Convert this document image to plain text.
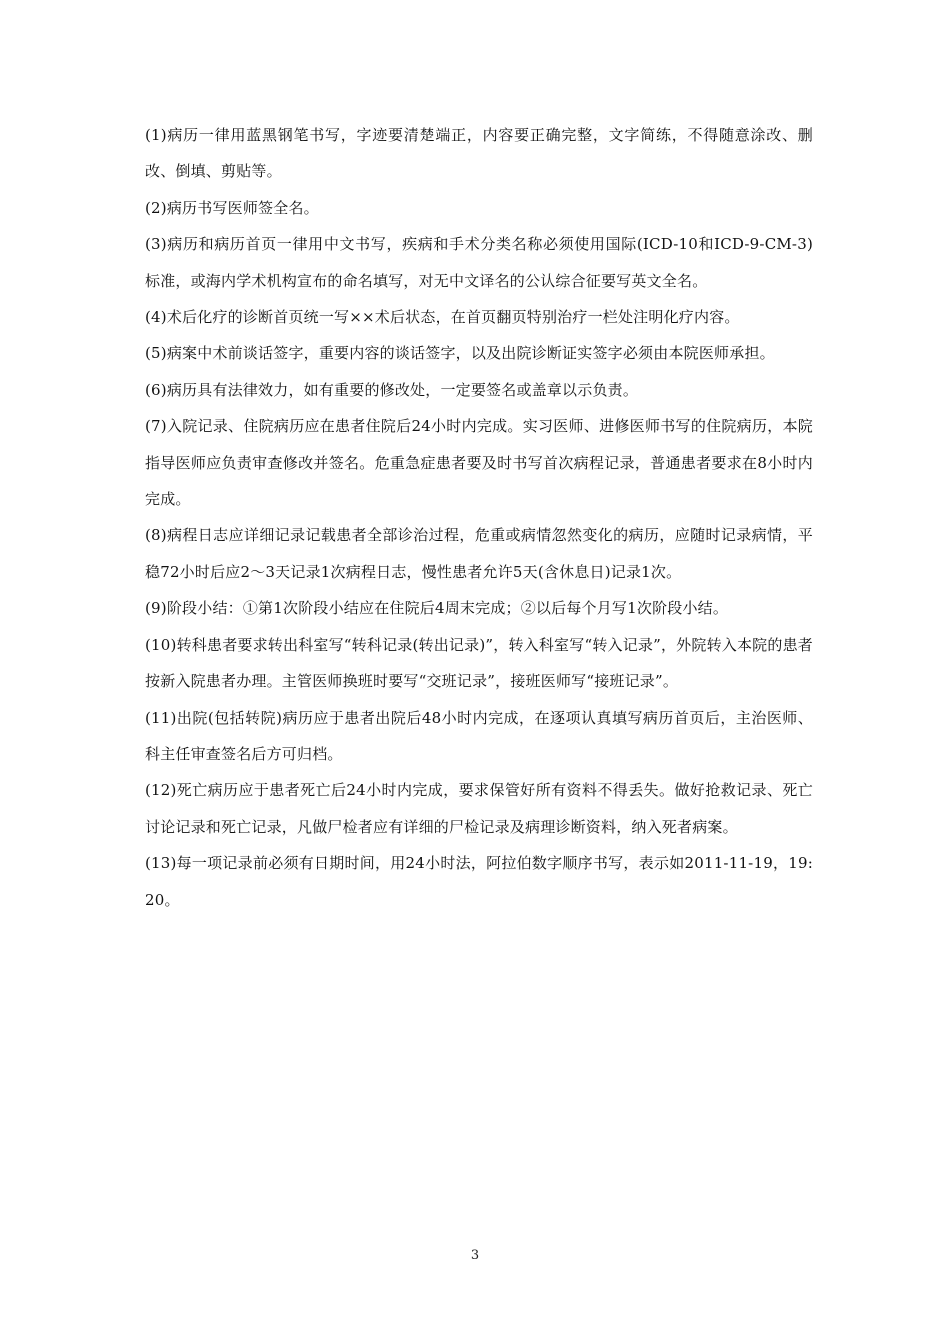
(1)病历一律用蓝黑钢笔书写，字迹要清楚端正，内容要正确完整，文字简练，不得随意涂改、删改、倒填、剪贴等。

(2)病历书写医师签全名。

(3)病历和病历首页一律用中文书写，疾病和手术分类名称必须使用国际(ICD-10和ICD-9-CM-3)标准，或海内学术机构宣布的命名填写，对无中文译名的公认综合征要写英文全名。

(4)术后化疗的诊断首页统一写××术后状态，在首页翻页特别治疗一栏处注明化疗内容。

(5)病案中术前谈话签字，重要内容的谈话签字，以及出院诊断证实签字必须由本院医师承担。

(6)病历具有法律效力，如有重要的修改处，一定要签名或盖章以示负责。

(7)入院记录、住院病历应在患者住院后24小时内完成。实习医师、进修医师书写的住院病历，本院指导医师应负责审查修改并签名。危重急症患者要及时书写首次病程记录，普通患者要求在8小时内完成。

(8)病程日志应详细记录记载患者全部诊治过程，危重或病情忽然变化的病历，应随时记录病情，平稳72小时后应2～3天记录1次病程日志，慢性患者允许5天(含休息日)记录1次。

(9)阶段小结：①第1次阶段小结应在住院后4周末完成；②以后每个月写1次阶段小结。

(10)转科患者要求转出科室写“转科记录(转出记录)”，转入科室写“转入记录”，外院转入本院的患者按新入院患者办理。主管医师换班时要写“交班记录”，接班医师写“接班记录”。

(11)出院(包括转院)病历应于患者出院后48小时内完成，在逐项认真填写病历首页后，主治医师、科主任审查签名后方可归档。

(12)死亡病历应于患者死亡后24小时内完成，要求保管好所有资料不得丢失。做好抢救记录、死亡讨论记录和死亡记录，凡做尸检者应有详细的尸检记录及病理诊断资料，纳入死者病案。

(13)每一项记录前必须有日期时间，用24小时法，阿拉伯数字顺序书写，表示如2011-11-19，19:20。

3
